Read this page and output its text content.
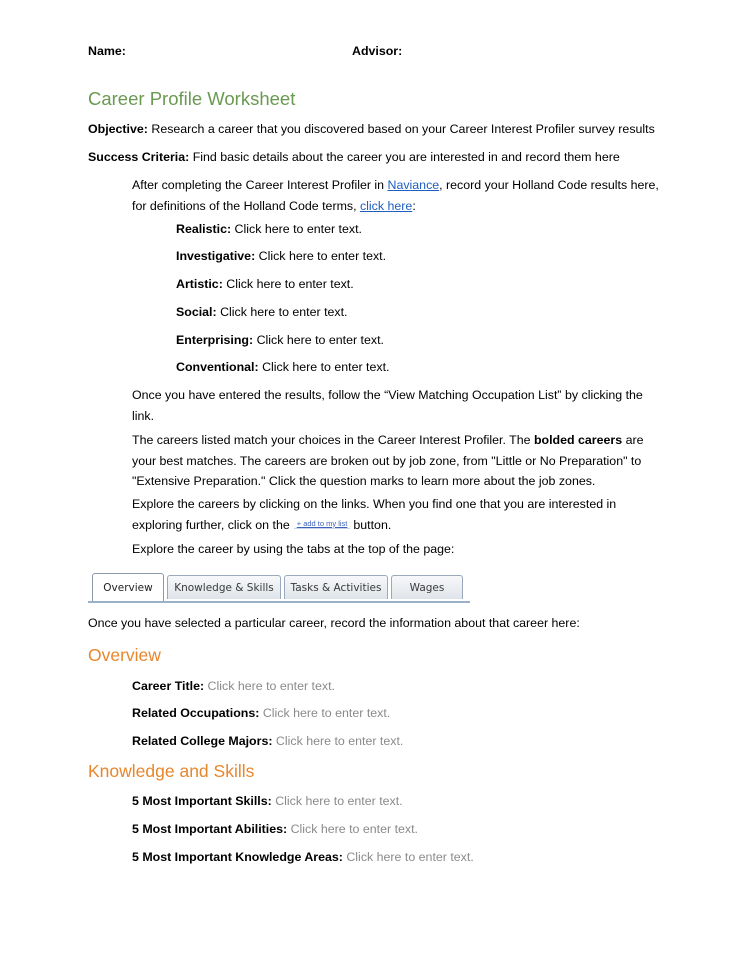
Name:	Advisor:
Career Profile Worksheet
Objective: Research a career that you discovered based on your Career Interest Profiler survey results
Success Criteria: Find basic details about the career you are interested in and record them here
After completing the Career Interest Profiler in Naviance, record your Holland Code results here, for definitions of the Holland Code terms, click here:
Realistic: Click here to enter text.
Investigative: Click here to enter text.
Artistic: Click here to enter text.
Social: Click here to enter text.
Enterprising: Click here to enter text.
Conventional: Click here to enter text.
Once you have entered the results, follow the “View Matching Occupation List” by clicking the link.
The careers listed match your choices in the Career Interest Profiler. The bolded careers are your best matches. The careers are broken out by job zone, from "Little or No Preparation" to "Extensive Preparation." Click the question marks to learn more about the job zones.
Explore the careers by clicking on the links. When you find one that you are interested in exploring further, click on the + add to my list button.
Explore the career by using the tabs at the top of the page:
Overview	Knowledge & Skills	Tasks & Activities	Wages
Once you have selected a particular career, record the information about that career here:
Overview
Career Title: Click here to enter text.
Related Occupations: Click here to enter text.
Related College Majors: Click here to enter text.
Knowledge and Skills
5 Most Important Skills: Click here to enter text.
5 Most Important Abilities: Click here to enter text.
5 Most Important Knowledge Areas: Click here to enter text.
